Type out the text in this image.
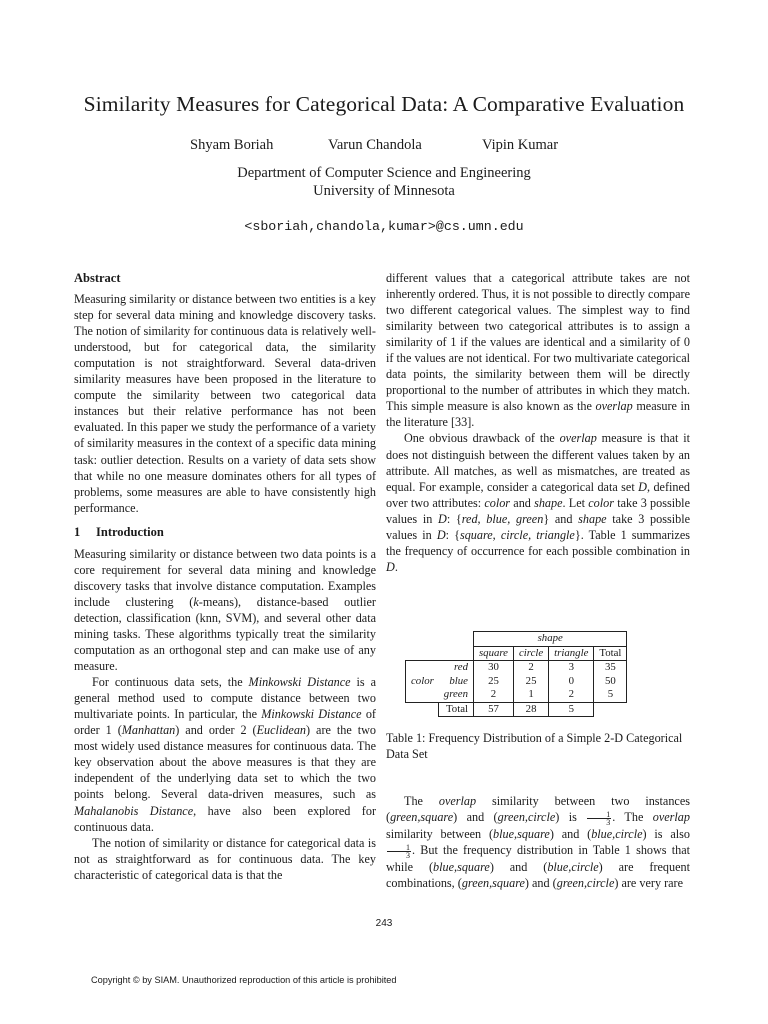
Similarity Measures for Categorical Data: A Comparative Evaluation
Shyam Boriah	Varun Chandola	Vipin Kumar
Department of Computer Science and Engineering
University of Minnesota
<sboriah,chandola,kumar>@cs.umn.edu
Abstract

Measuring similarity or distance between two entities is a key step for several data mining and knowledge discovery tasks. The notion of similarity for continuous data is relatively well-understood, but for categorical data, the similarity computation is not straightforward. Several data-driven similarity measures have been proposed in the literature to compute the similarity between two categorical data instances but their relative performance has not been evaluated. In this paper we study the performance of a variety of similarity measures in the context of a specific data mining task: outlier detection. Results on a variety of data sets show that while no one measure dominates others for all types of problems, some measures are able to have consistently high performance.

1 Introduction

Measuring similarity or distance between two data points is a core requirement for several data mining and knowledge discovery tasks that involve distance computation. Examples include clustering (k-means), distance-based outlier detection, classification (knn, SVM), and several other data mining tasks. These algorithms typically treat the similarity computation as an orthogonal step and can make use of any measure.

For continuous data sets, the Minkowski Distance is a general method used to compute distance between two multivariate points. In particular, the Minkowski Distance of order 1 (Manhattan) and order 2 (Euclidean) are the two most widely used distance measures for continuous data. The key observation about the above measures is that they are independent of the underlying data set to which the two points belong. Several data-driven measures, such as Mahalanobis Distance, have also been explored for continuous data.

The notion of similarity or distance for categorical data is not as straightforward as for continuous data. The key characteristic of categorical data is that the

different values that a categorical attribute takes are not inherently ordered. Thus, it is not possible to directly compare two different categorical values. The simplest way to find similarity between two categorical attributes is to assign a similarity of 1 if the values are identical and a similarity of 0 if the values are not identical. For two multivariate categorical data points, the similarity between them will be directly proportional to the number of attributes in which they match. This simple measure is also known as the overlap measure in the literature [33].

One obvious drawback of the overlap measure is that it does not distinguish between the different values taken by an attribute. All matches, as well as mismatches, are treated as equal. For example, consider a categorical data set D, defined over two attributes: color and shape. Let color take 3 possible values in D: {red, blue, green} and shape take 3 possible values in D: {square, circle, triangle}. Table 1 summarizes the frequency of occurrence for each possible combination in D.

		shape			
		square	circle	triangle	Total
color	red	30	2	3	35
	blue	25	25	0	50
	green	2	1	2	5
	Total	57	28	5	

Table 1: Frequency Distribution of a Simple 2-D Categorical Data Set

The overlap similarity between two instances (green,square) and (green,circle) is $\frac{1}{3}$ . The overlap similarity between (blue,square) and (blue,circle) is also
$\frac{1}{3}$ . But the frequency distribution in Table 1 shows that while (blue,square) and (blue,circle) are frequent combinations, (green,square) and (green,circle) are very rare

243
Copyright © by SIAM. Unauthorized reproduction of this article is prohibited
